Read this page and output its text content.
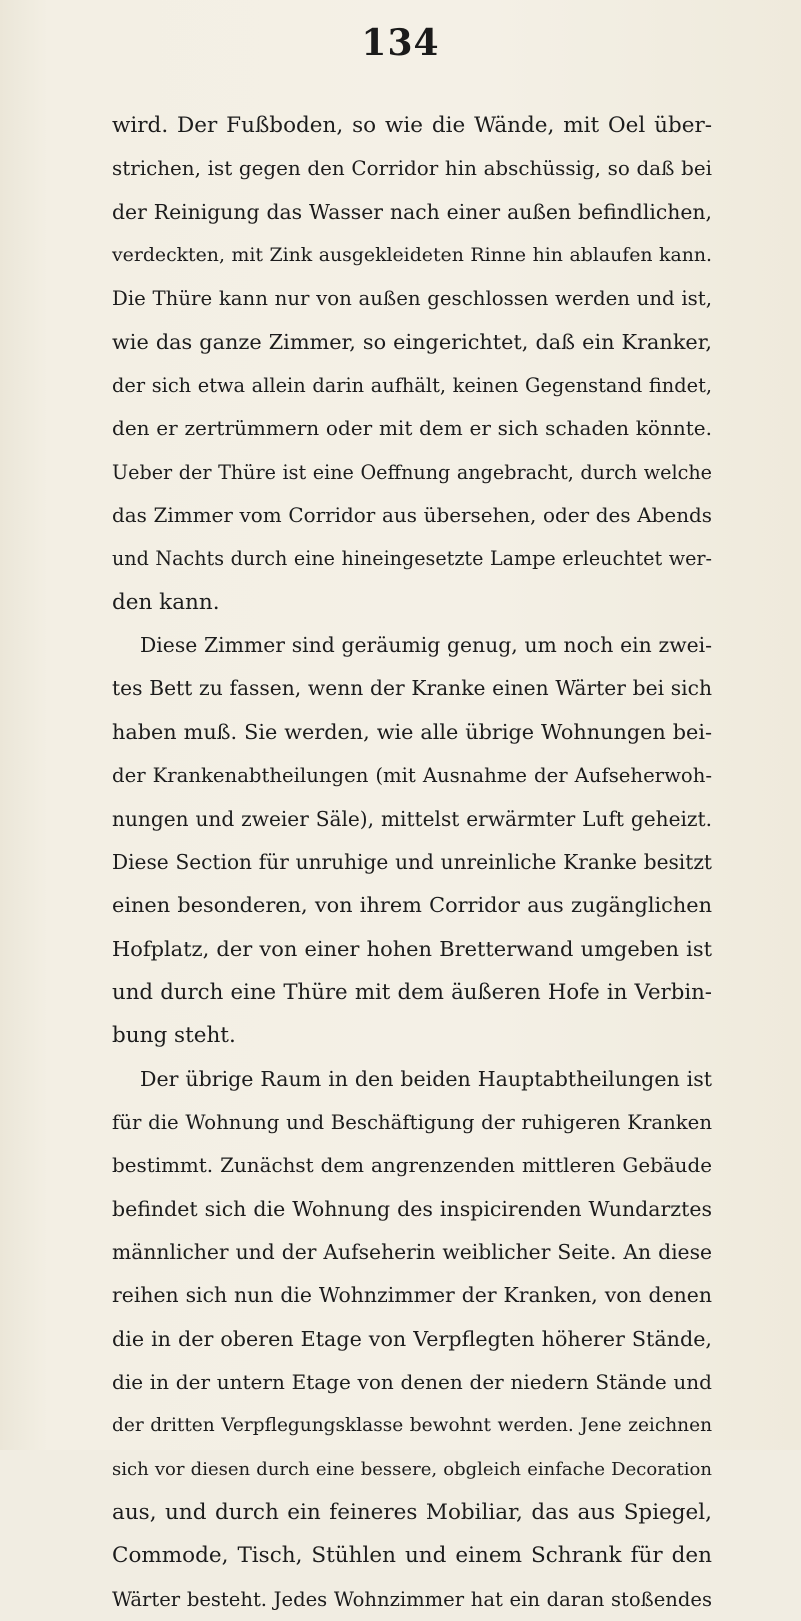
134
wird. Der Fußboden, so wie die Wände, mit Oel über-
strichen, ist gegen den Corridor hin abschüssig, so daß bei
der Reinigung das Wasser nach einer außen befindlichen,
verdeckten, mit Zink ausgekleideten Rinne hin ablaufen kann.
Die Thüre kann nur von außen geschlossen werden und ist,
wie das ganze Zimmer, so eingerichtet, daß ein Kranker,
der sich etwa allein darin aufhält, keinen Gegenstand findet,
den er zertrümmern oder mit dem er sich schaden könnte.
Ueber der Thüre ist eine Oeffnung angebracht, durch welche
das Zimmer vom Corridor aus übersehen, oder des Abends
und Nachts durch eine hineingesetzte Lampe erleuchtet wer-
den kann.
Diese Zimmer sind geräumig genug, um noch ein zwei-
tes Bett zu fassen, wenn der Kranke einen Wärter bei sich
haben muß. Sie werden, wie alle übrige Wohnungen bei-
der Krankenabtheilungen (mit Ausnahme der Aufseherwoh-
nungen und zweier Säle), mittelst erwärmter Luft geheizt.
Diese Section für unruhige und unreinliche Kranke besitzt
einen besonderen, von ihrem Corridor aus zugänglichen
Hofplatz, der von einer hohen Bretterwand umgeben ist
und durch eine Thüre mit dem äußeren Hofe in Verbin-
bung steht.
Der übrige Raum in den beiden Hauptabtheilungen ist
für die Wohnung und Beschäftigung der ruhigeren Kranken
bestimmt. Zunächst dem angrenzenden mittleren Gebäude
befindet sich die Wohnung des inspicirenden Wundarztes
männlicher und der Aufseherin weiblicher Seite. An diese
reihen sich nun die Wohnzimmer der Kranken, von denen
die in der oberen Etage von Verpflegten höherer Stände,
die in der untern Etage von denen der niedern Stände und
der dritten Verpflegungsklasse bewohnt werden. Jene zeichnen
sich vor diesen durch eine bessere, obgleich einfache Decoration
aus, und durch ein feineres Mobiliar, das aus Spiegel,
Commode, Tisch, Stühlen und einem Schrank für den
Wärter besteht. Jedes Wohnzimmer hat ein daran stoßendes
